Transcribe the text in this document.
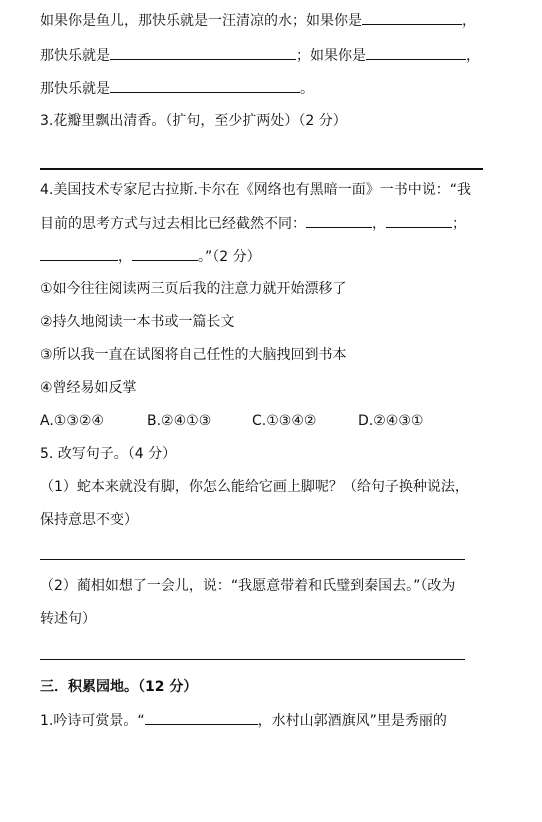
如果你是鱼儿，那快乐就是一汪清凉的水；如果你是	，
那快乐就是	；如果你是	，
那快乐就是	。
3.花瓣里飘出清香。（扩句，至少扩两处）（2 分）
4.美国技术专家尼古拉斯.卡尔在《网络也有黑暗一面》一书中说：“我
目前的思考方式与过去相比已经截然不同：	，	；
，	。”（2 分）
①如今往往阅读两三页后我的注意力就开始漂移了
②持久地阅读一本书或一篇长文
③所以我一直在试图将自己任性的大脑拽回到书本
④曾经易如反掌
A.①③②④	B.②④①③	C.①③④②	D.②④③①
5. 改写句子。（4 分）
（1）蛇本来就没有脚，你怎么能给它画上脚呢？（给句子换种说法，
保持意思不变）
（2）蔺相如想了一会儿，说：“我愿意带着和氏璧到秦国去。”（改为
转述句）
三．积累园地。（12 分）
1.吟诗可赏景。“	，水村山郭酒旗风”里是秀丽的
